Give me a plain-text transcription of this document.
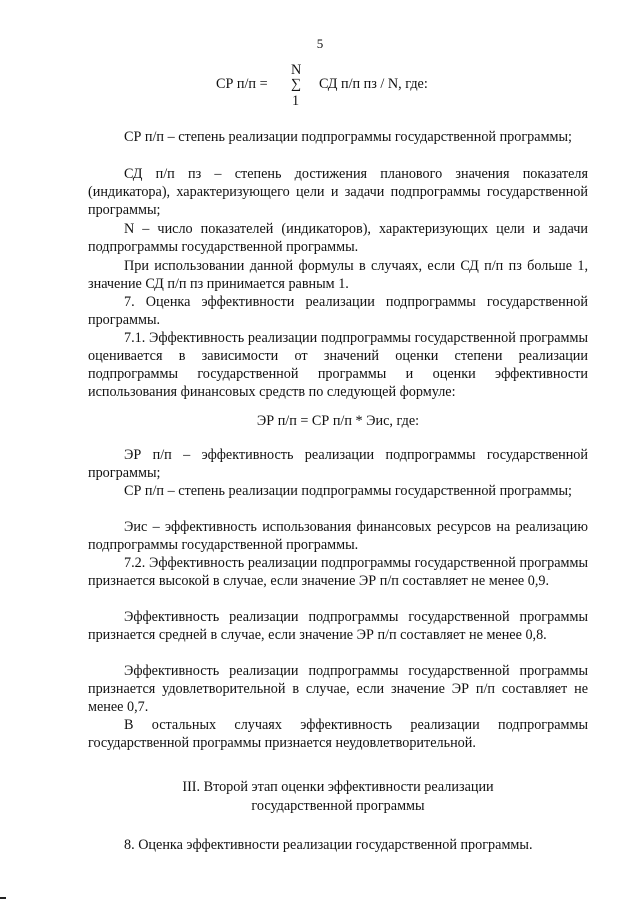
5
СР п/п =
N
∑
1
СД п/п пз / N, где:

СР п/п – степень реализации подпрограммы государственной программы;

СД п/п пз – степень достижения планового значения показателя (индикатора), характеризующего цели и задачи подпрограммы государственной программы;

N – число показателей (индикаторов), характеризующих цели и задачи подпрограммы государственной программы.

При использовании данной формулы в случаях, если СД п/п пз больше 1, значение СД п/п пз принимается равным 1.

7. Оценка эффективности реализации подпрограммы государственной программы.

7.1. Эффективность реализации подпрограммы государственной программы оценивается в зависимости от значений оценки степени реализации подпрограммы государственной программы и оценки эффективности использования финансовых средств по следующей формуле:

ЭР п/п = СР п/п * Эис, где:

ЭР п/п – эффективность реализации подпрограммы государственной программы;

СР п/п – степень реализации подпрограммы государственной программы;

Эис – эффективность использования финансовых ресурсов на реализацию подпрограммы государственной программы.

7.2. Эффективность реализации подпрограммы государственной программы признается высокой в случае, если значение ЭР п/п составляет не менее 0,9.

Эффективность реализации подпрограммы государственной программы признается средней в случае, если значение ЭР п/п составляет не менее 0,8.

Эффективность реализации подпрограммы государственной программы признается удовлетворительной в случае, если значение ЭР п/п составляет не менее 0,7.

В остальных случаях эффективность реализации подпрограммы государственной программы признается неудовлетворительной.

III. Второй этап оценки эффективности реализации
государственной программы

8. Оценка эффективности реализации государственной программы.
